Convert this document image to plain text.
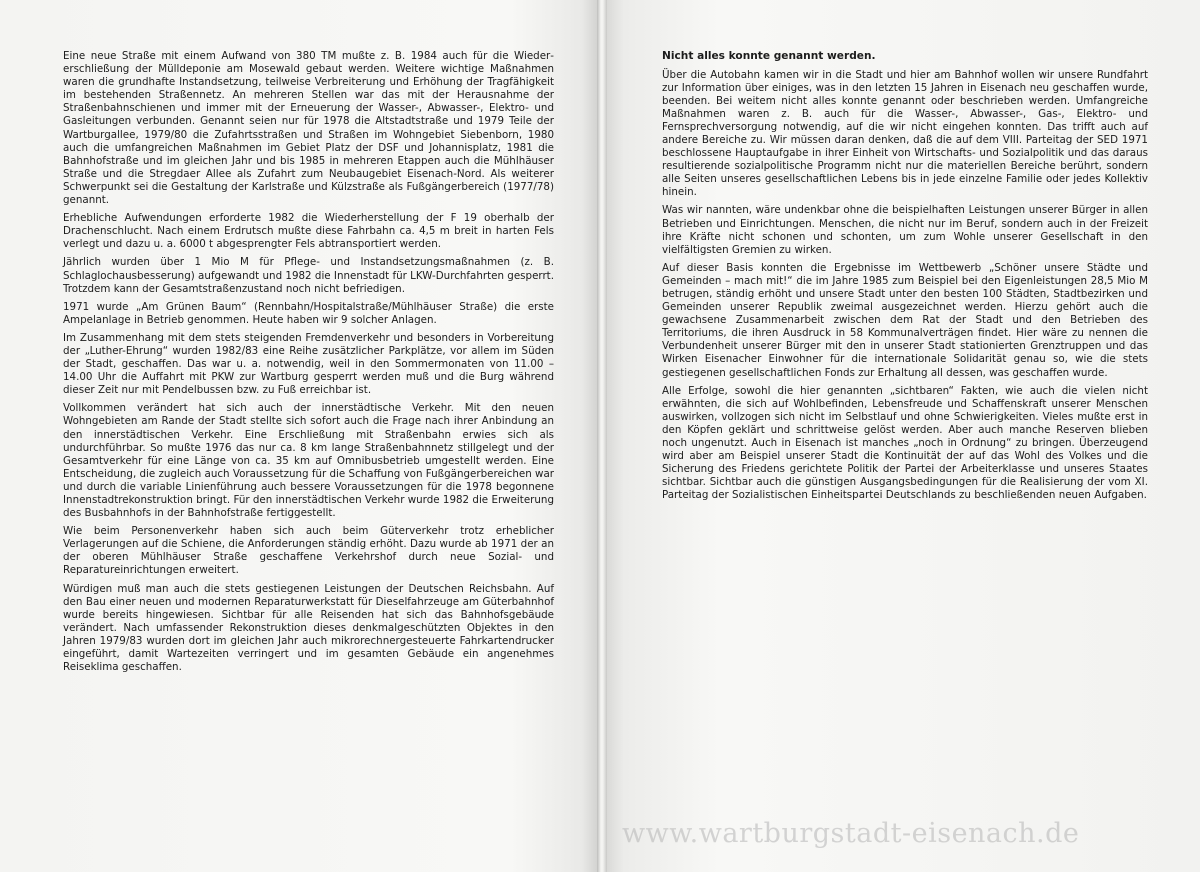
Eine neue Straße mit einem Aufwand von 380 TM mußte z. B. 1984 auch für die Wiedererschließung der Mülldeponie am Mosewald gebaut werden. Weitere wichtige Maßnahmen waren die grundhafte Instandsetzung, teilweise Verbreiterung und Erhöhung der Tragfähigkeit im bestehenden Straßennetz. An mehreren Stellen war das mit der Herausnahme der Straßenbahnschienen und immer mit der Erneuerung der Wasser-, Abwasser-, Elektro- und Gasleitungen verbunden. Genannt seien nur für 1978 die Altstadtstraße und 1979 Teile der Wartburgallee, 1979/80 die Zufahrtsstraßen und Straßen im Wohngebiet Siebenborn, 1980 auch die umfangreichen Maßnahmen im Gebiet Platz der DSF und Johannisplatz, 1981 die Bahnhofstraße und im gleichen Jahr und bis 1985 in mehreren Etappen auch die Mühlhäuser Straße und die Stregdaer Allee als Zufahrt zum Neubaugebiet Eisenach-Nord. Als weiterer Schwerpunkt sei die Gestaltung der Karlstraße und Külzstraße als Fußgängerbereich (1977/78) genannt.

Erhebliche Aufwendungen erforderte 1982 die Wiederherstellung der F 19 oberhalb der Drachenschlucht. Nach einem Erdrutsch mußte diese Fahrbahn ca. 4,5 m breit in harten Fels verlegt und dazu u. a. 6000 t abgesprengter Fels abtransportiert werden.

Jährlich wurden über 1 Mio M für Pflege- und Instandsetzungsmaßnahmen (z. B. Schlaglochausbesserung) aufgewandt und 1982 die Innenstadt für LKW-Durchfahrten gesperrt. Trotzdem kann der Gesamtstraßenzustand noch nicht befriedigen.

1971 wurde „Am Grünen Baum“ (Rennbahn/Hospitalstraße/Mühlhäuser Straße) die erste Ampelanlage in Betrieb genommen. Heute haben wir 9 solcher Anlagen.

Im Zusammenhang mit dem stets steigenden Fremdenverkehr und besonders in Vorbereitung der „Luther-Ehrung“ wurden 1982/83 eine Reihe zusätzlicher Parkplätze, vor allem im Süden der Stadt, geschaffen. Das war u. a. notwendig, weil in den Sommermonaten von 11.00 – 14.00 Uhr die Auffahrt mit PKW zur Wartburg gesperrt werden muß und die Burg während dieser Zeit nur mit Pendelbussen bzw. zu Fuß erreichbar ist.

Vollkommen verändert hat sich auch der innerstädtische Verkehr. Mit den neuen Wohngebieten am Rande der Stadt stellte sich sofort auch die Frage nach ihrer Anbindung an den innerstädtischen Verkehr. Eine Erschließung mit Straßenbahn erwies sich als undurchführbar. So mußte 1976 das nur ca. 8 km lange Straßenbahnnetz stillgelegt und der Gesamtverkehr für eine Länge von ca. 35 km auf Omnibusbetrieb umgestellt werden. Eine Entscheidung, die zugleich auch Voraussetzung für die Schaffung von Fußgängerbereichen war und durch die variable Linienführung auch bessere Voraussetzungen für die 1978 begonnene Innenstadtrekonstruktion bringt. Für den innerstädtischen Verkehr wurde 1982 die Erweiterung des Busbahnhofs in der Bahnhofstraße fertiggestellt.

Wie beim Personenverkehr haben sich auch beim Güterverkehr trotz erheblicher Verlagerungen auf die Schiene, die Anforderungen ständig erhöht. Dazu wurde ab 1971 der an der oberen Mühlhäuser Straße geschaffene Verkehrshof durch neue Sozial- und Reparatureinrichtungen erweitert.

Würdigen muß man auch die stets gestiegenen Leistungen der Deutschen Reichsbahn. Auf den Bau einer neuen und modernen Reparaturwerkstatt für Dieselfahrzeuge am Güterbahnhof wurde bereits hingewiesen. Sichtbar für alle Reisenden hat sich das Bahnhofsgebäude verändert. Nach umfassender Rekonstruktion dieses denkmalgeschützten Objektes in den Jahren 1979/83 wurden dort im gleichen Jahr auch mikrorechnergesteuerte Fahrkartendrucker eingeführt, damit Wartezeiten verringert und im gesamten Gebäude ein angenehmes Reiseklima geschaffen.

Nicht alles konnte genannt werden.

Über die Autobahn kamen wir in die Stadt und hier am Bahnhof wollen wir unsere Rundfahrt zur Information über einiges, was in den letzten 15 Jahren in Eisenach neu geschaffen wurde, beenden. Bei weitem nicht alles konnte genannt oder beschrieben werden. Umfangreiche Maßnahmen waren z. B. auch für die Wasser-, Abwasser-, Gas-, Elektro- und Fernsprechversorgung notwendig, auf die wir nicht eingehen konnten. Das trifft auch auf andere Bereiche zu. Wir müssen daran denken, daß die auf dem VIII. Parteitag der SED 1971 beschlossene Hauptaufgabe in ihrer Einheit von Wirtschafts- und Sozialpolitik und das daraus resultierende sozialpolitische Programm nicht nur die materiellen Bereiche berührt, sondern alle Seiten unseres gesellschaftlichen Lebens bis in jede einzelne Familie oder jedes Kollektiv hinein.

Was wir nannten, wäre undenkbar ohne die beispielhaften Leistungen unserer Bürger in allen Betrieben und Einrichtungen. Menschen, die nicht nur im Beruf, sondern auch in der Freizeit ihre Kräfte nicht schonen und schonten, um zum Wohle unserer Gesellschaft in den vielfältigsten Gremien zu wirken.

Auf dieser Basis konnten die Ergebnisse im Wettbewerb „Schöner unsere Städte und Gemeinden – mach mit!“ die im Jahre 1985 zum Beispiel bei den Eigenleistungen 28,5 Mio M betrugen, ständig erhöht und unsere Stadt unter den besten 100 Städten, Stadtbezirken und Gemeinden unserer Republik zweimal ausgezeichnet werden. Hierzu gehört auch die gewachsene Zusammenarbeit zwischen dem Rat der Stadt und den Betrieben des Territoriums, die ihren Ausdruck in 58 Kommunalverträgen findet. Hier wäre zu nennen die Verbundenheit unserer Bürger mit den in unserer Stadt stationierten Grenztruppen und das Wirken Eisenacher Einwohner für die internationale Solidarität genau so, wie die stets gestiegenen gesellschaftlichen Fonds zur Erhaltung all dessen, was geschaffen wurde.

Alle Erfolge, sowohl die hier genannten „sichtbaren“ Fakten, wie auch die vielen nicht erwähnten, die sich auf Wohlbefinden, Lebensfreude und Schaffenskraft unserer Menschen auswirken, vollzogen sich nicht im Selbstlauf und ohne Schwierigkeiten. Vieles mußte erst in den Köpfen geklärt und schrittweise gelöst werden. Aber auch manche Reserven blieben noch ungenutzt. Auch in Eisenach ist manches „noch in Ordnung“ zu bringen. Überzeugend wird aber am Beispiel unserer Stadt die Kontinuität der auf das Wohl des Volkes und die Sicherung des Friedens gerichtete Politik der Partei der Arbeiterklasse und unseres Staates sichtbar. Sichtbar auch die günstigen Ausgangsbedingungen für die Realisierung der vom XI. Parteitag der Sozialistischen Einheitspartei Deutschlands zu beschließenden neuen Aufgaben.

www.wartburgstadt-eisenach.de
